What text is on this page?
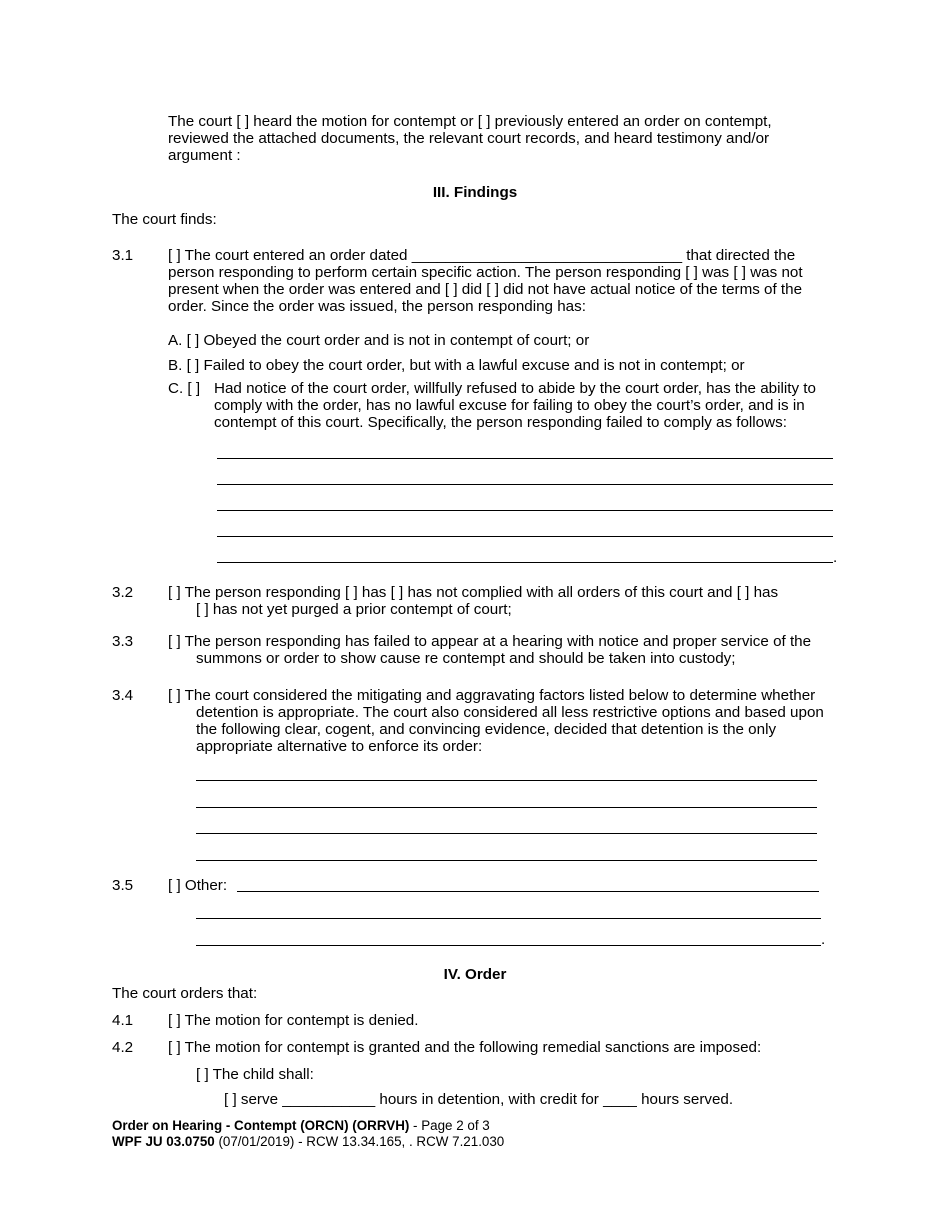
The court [ ] heard the motion for contempt or [ ] previously entered an order on contempt, reviewed the attached documents, the relevant court records, and heard testimony and/or argument :

III. Findings

The court finds:

3.1 [ ] The court entered an order dated ________________________________ that directed the person responding to perform certain specific action. The person responding [ ] was [ ] was not present when the order was entered and [ ] did [ ] did not have actual notice of the terms of the order. Since the order was issued, the person responding has:

A. [ ] Obeyed the court order and is not in contempt of court; or

B. [ ] Failed to obey the court order, but with a lawful excuse and is not in contempt; or

C. [ ] Had notice of the court order, willfully refused to abide by the court order, has the ability to comply with the order, has no lawful excuse for failing to obey the court’s order, and is in contempt of this court. Specifically, the person responding failed to comply as follows:

.
3.2 [ ] The person responding [ ] has [ ] has not complied with all orders of this court and [ ] has

[ ] has not yet purged a prior contempt of court;

3.3 [ ] The person responding has failed to appear at a hearing with notice and proper service of the

summons or order to show cause re contempt and should be taken into custody;

3.4 [ ] The court considered the mitigating and aggravating factors listed below to determine whether

detention is appropriate. The court also considered all less restrictive options and based upon the following clear, cogent, and convincing evidence, decided that detention is the only appropriate alternative to enforce its order:

3.5 [ ] Other:

.

IV. Order

The court orders that:

4.1 [ ] The motion for contempt is denied.

4.2 [ ] The motion for contempt is granted and the following remedial sanctions are imposed:

[ ] The child shall:

[ ] serve ___________ hours in detention, with credit for ____ hours served.

Order on Hearing - Contempt (ORCN) (ORRVH) - Page 2 of 3
WPF JU 03.0750 (07/01/2019) - RCW 13.34.165, . RCW 7.21.030
